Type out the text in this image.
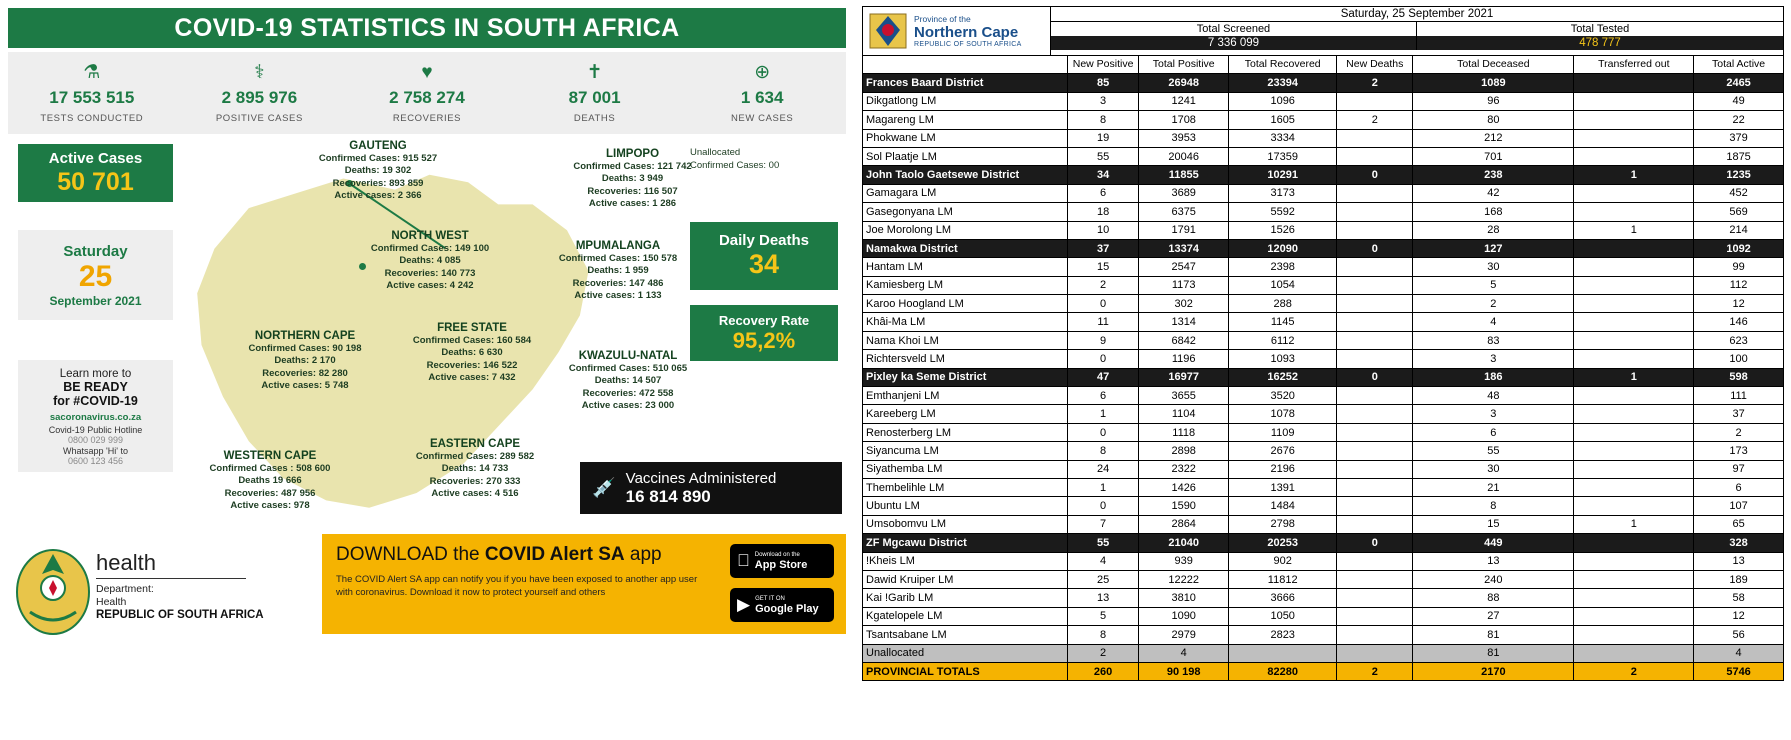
COVID-19 STATISTICS IN SOUTH AFRICA
⚗
17 553 515
TESTS CONDUCTED
⚕
2 895 976
POSITIVE CASES
♥
2 758 274
RECOVERIES
✝
87 001
DEATHS
⊕
1 634
NEW CASES
Active Cases
50 701
Saturday
25
September 2021
Learn more to
BE READY
for #COVID-19
sacoronavirus.co.za
Covid-19 Public Hotline
0800 029 999
Whatsapp 'Hi' to
0600 123 456
GAUTENG
Confirmed Cases: 915 527
Deaths: 19 302
Recoveries: 893 859
Active cases: 2 366
LIMPOPO
Confirmed Cases: 121 742
Deaths: 3 949
Recoveries: 116 507
Active cases: 1 286
NORTH WEST
Confirmed Cases: 149 100
Deaths: 4 085
Recoveries: 140 773
Active cases: 4 242
MPUMALANGA
Confirmed Cases: 150 578
Deaths: 1 959
Recoveries: 147 486
Active cases: 1 133
NORTHERN CAPE
Confirmed Cases: 90 198
Deaths: 2 170
Recoveries: 82 280
Active cases: 5 748
FREE STATE
Confirmed Cases: 160 584
Deaths: 6 630
Recoveries: 146 522
Active cases: 7 432
KWAZULU-NATAL
Confirmed Cases: 510 065
Deaths: 14 507
Recoveries: 472 558
Active cases: 23 000
WESTERN CAPE
Confirmed Cases : 508 600
Deaths 19 666
Recoveries: 487 956
Active cases: 978
EASTERN CAPE
Confirmed Cases: 289 582
Deaths: 14 733
Recoveries: 270 333
Active cases: 4 516
Unallocated
Confirmed Cases: 00
Daily Deaths
34
Recovery Rate
95,2%
💉 Vaccines Administered
16 814 890
health
Department:
Health
REPUBLIC OF SOUTH AFRICA
DOWNLOAD the COVID Alert SA app
The COVID Alert SA app can notify you if you have been exposed to another app user with coronavirus. Download it now to protect yourself and others
Download on the
App Store
▶ GET IT ON
Google Play
Province of the
Northern Cape
REPUBLIC OF SOUTH AFRICA
Saturday, 25 September 2021
Total Screened
7 336 099
Total Tested
478 777
	New Positive	Total Positive	Total Recovered	New Deaths	Total Deceased	Transferred out	Total Active
Frances Baard District	85	26948	23394	2	1089		2465
Dikgatlong LM	3	1241	1096		96		49
Magareng LM	8	1708	1605	2	80		22
Phokwane LM	19	3953	3334		212		379
Sol Plaatje LM	55	20046	17359		701		1875
John Taolo Gaetsewe District	34	11855	10291	0	238	1	1235
Gamagara LM	6	3689	3173		42		452
Gasegonyana LM	18	6375	5592		168		569
Joe Morolong LM	10	1791	1526		28	1	214
Namakwa District	37	13374	12090	0	127		1092
Hantam LM	15	2547	2398		30		99
Kamiesberg LM	2	1173	1054		5		112
Karoo Hoogland LM	0	302	288		2		12
Khâi-Ma LM	11	1314	1145		4		146
Nama Khoi LM	9	6842	6112		83		623
Richtersveld LM	0	1196	1093		3		100
Pixley ka Seme District	47	16977	16252	0	186	1	598
Emthanjeni LM	6	3655	3520		48		111
Kareeberg LM	1	1104	1078		3		37
Renosterberg LM	0	1118	1109		6		2
Siyancuma LM	8	2898	2676		55		173
Siyathemba LM	24	2322	2196		30		97
Thembelihle LM	1	1426	1391		21		6
Ubuntu LM	0	1590	1484		8		107
Umsobomvu LM	7	2864	2798		15	1	65
ZF Mgcawu District	55	21040	20253	0	449		328
!Kheis LM	4	939	902		13		13
Dawid Kruiper LM	25	12222	11812		240		189
Kai !Garib LM	13	3810	3666		88		58
Kgatelopele LM	5	1090	1050		27		12
Tsantsabane LM	8	2979	2823		81		56
Unallocated	2	4			81		4
PROVINCIAL TOTALS	260	90 198	82280	2	2170	2	5746
